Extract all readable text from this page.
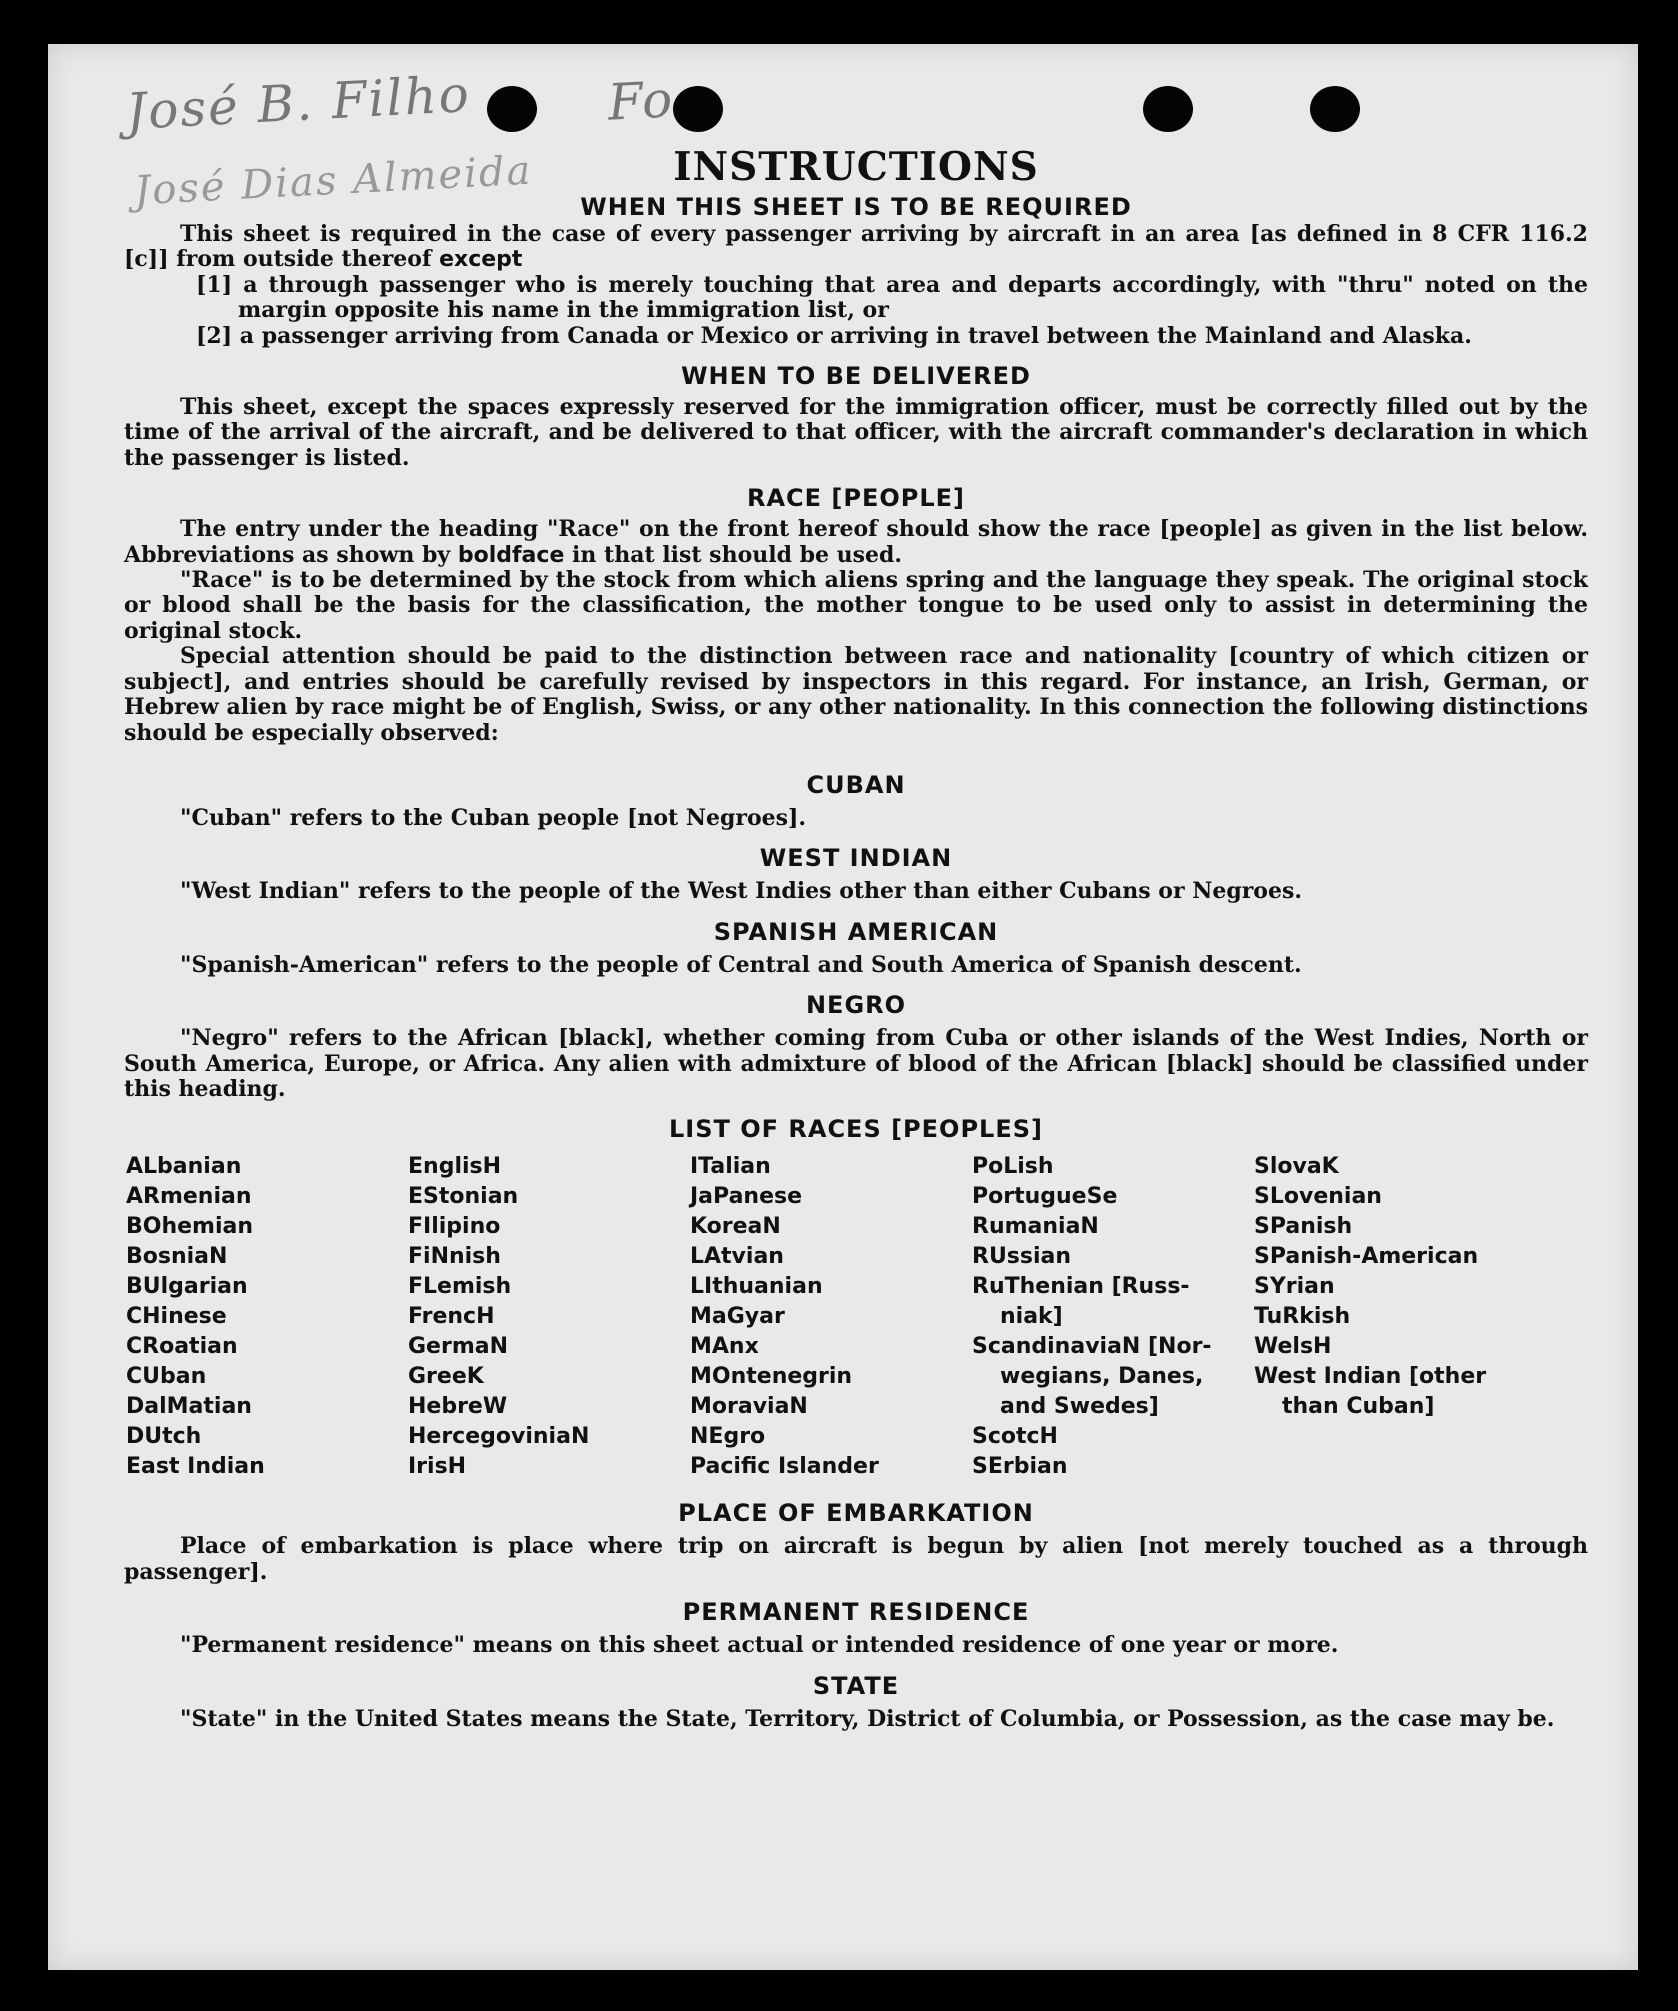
José B. Filho	Fo
José Dias Almeida	INSTRUCTIONS
WHEN THIS SHEET IS TO BE REQUIRED

This sheet is required in the case of every passenger arriving by aircraft in an area [as defined in 8 CFR 116.2 [c]] from outside thereof except

[1] a through passenger who is merely touching that area and departs accordingly, with "thru" noted on the margin opposite his name in the immigration list, or

[2] a passenger arriving from Canada or Mexico or arriving in travel between the Mainland and Alaska.

WHEN TO BE DELIVERED

This sheet, except the spaces expressly reserved for the immigration officer, must be correctly filled out by the time of the arrival of the aircraft, and be delivered to that officer, with the aircraft commander's declaration in which the passenger is listed.

RACE [PEOPLE]

The entry under the heading "Race" on the front hereof should show the race [people] as given in the list below. Abbreviations as shown by boldface in that list should be used.

"Race" is to be determined by the stock from which aliens spring and the language they speak. The original stock or blood shall be the basis for the classification, the mother tongue to be used only to assist in determining the original stock.

Special attention should be paid to the distinction between race and nationality [country of which citizen or subject], and entries should be carefully revised by inspectors in this regard. For instance, an Irish, German, or Hebrew alien by race might be of English, Swiss, or any other nationality. In this connection the following distinctions should be especially observed:

CUBAN

"Cuban" refers to the Cuban people [not Negroes].

WEST INDIAN

"West Indian" refers to the people of the West Indies other than either Cubans or Negroes.

SPANISH AMERICAN

"Spanish-American" refers to the people of Central and South America of Spanish descent.

NEGRO

"Negro" refers to the African [black], whether coming from Cuba or other islands of the West Indies, North or South America, Europe, or Africa. Any alien with admixture of blood of the African [black] should be classified under this heading.

LIST OF RACES [PEOPLES]
ALbanian
ARmenian
BOhemian
BosniaN
BUlgarian
CHinese
CRoatian
CUban
DalMatian
DUtch
East Indian
EnglisH
EStonian
FIlipino
FiNnish
FLemish
FrencH
GermaN
GreeK
HebreW
HercegoviniaN
IrisH
ITalian
JaPanese
KoreaN
LAtvian
LIthuanian
MaGyar
MAnx
MOntenegrin
MoraviaN
NEgro
Pacific Islander
PoLish
PortugueSe
RumaniaN
RUssian
RuThenian [Russ-
niak]
ScandinaviaN [Nor-
wegians, Danes,
and Swedes]
ScotcH
SErbian
SlovaK
SLovenian
SPanish
SPanish-American
SYrian
TuRkish
WelsH
West Indian [other
than Cuban]
PLACE OF EMBARKATION

Place of embarkation is place where trip on aircraft is begun by alien [not merely touched as a through passenger].

PERMANENT RESIDENCE

"Permanent residence" means on this sheet actual or intended residence of one year or more.

STATE

"State" in the United States means the State, Territory, District of Columbia, or Possession, as the case may be.
